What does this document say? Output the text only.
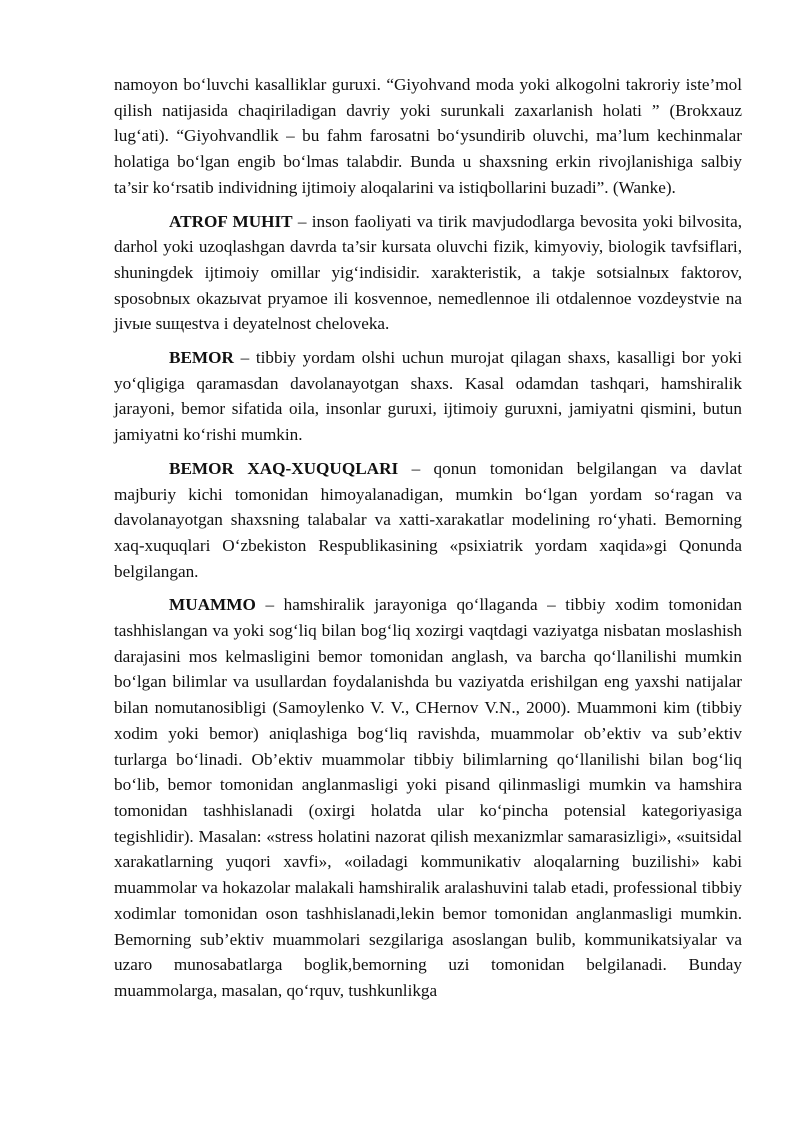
namoyon bo‘luvchi kasalliklar guruxi. “Giyohvand moda yoki alkogolni takroriy iste’mol qilish natijasida chaqiriladigan davriy yoki surunkali zaxarlanish holati ” (Brokxauz lug‘ati). “Giyohvandlik – bu fahm farosatni bo‘ysundirib oluvchi, ma’lum kechinmalar holatiga bo‘lgan engib bo‘lmas talabdir. Bunda u shaxsning erkin rivojlanishiga salbiy ta’sir ko‘rsatib individning ijtimoiy aloqalarini va istiqbollarini buzadi”. (Wanke).

ATROF MUHIT – inson faoliyati va tirik mavjudodlarga bevosita yoki bilvosita, darhol yoki uzoqlashgan davrda ta’sir kursata oluvchi fizik, kimyoviy, biologik tavfsiflari, shuningdek ijtimoiy omillar yig‘indisidir. xarakteristik, a takje sotsialnых faktorov, sposobnых okazыvat pryamoe ili kosvennoe, nemedlennoe ili otdalennoe vozdeystvie na jivыe suщestva i deyatelnost cheloveka.

BEMOR – tibbiy yordam olshi uchun murojat qilagan shaxs, kasalligi bor yoki yo‘qligiga qaramasdan davolanayotgan shaxs. Kasal odamdan tashqari, hamshiralik jarayoni, bemor sifatida oila, insonlar guruxi, ijtimoiy guruxni, jamiyatni qismini, butun jamiyatni ko‘rishi mumkin.

BEMOR XAQ-XUQUQLARI – qonun tomonidan belgilangan va davlat majburiy kichi tomonidan himoyalanadigan, mumkin bo‘lgan yordam so‘ragan va davolanayotgan shaxsning talabalar va xatti-xarakatlar modelining ro‘yhati. Bemorning xaq-xuquqlari O‘zbekiston Respublikasining «psixiatrik yordam xaqida»gi Qonunda belgilangan.

MUAMMO – hamshiralik jarayoniga qo‘llaganda – tibbiy xodim tomonidan tashhislangan va yoki sog‘liq bilan bog‘liq xozirgi vaqtdagi vaziyatga nisbatan moslashish darajasini mos kelmasligini bemor tomonidan anglash, va barcha qo‘llanilishi mumkin bo‘lgan bilimlar va usullardan foydalanishda bu vaziyatda erishilgan eng yaxshi natijalar bilan nomutanosibligi (Samoylenko V. V., CHernov V.N., 2000). Muammoni kim (tibbiy xodim yoki bemor) aniqlashiga bog‘liq ravishda, muammolar ob’ektiv va sub’ektiv turlarga bo‘linadi. Ob’ektiv muammolar tibbiy bilimlarning qo‘llanilishi bilan bog‘liq bo‘lib, bemor tomonidan anglanmasligi yoki pisand qilinmasligi mumkin va hamshira tomonidan tashhislanadi (oxirgi holatda ular ko‘pincha potensial kategoriyasiga tegishlidir). Masalan: «stress holatini nazorat qilish mexanizmlar samarasizligi», «suitsidal xarakatlarning yuqori xavfi», «oiladagi kommunikativ aloqalarning buzilishi» kabi muammolar va hokazolar malakali hamshiralik aralashuvini talab etadi, professional tibbiy xodimlar tomonidan oson tashhislanadi,lekin bemor tomonidan anglanmasligi mumkin. Bemorning sub’ektiv muammolari sezgilariga asoslangan bulib, kommunikatsiyalar va uzaro munosabatlarga boglik,bemorning uzi tomonidan belgilanadi. Bunday muammolarga, masalan, qo‘rquv, tushkunlikga
